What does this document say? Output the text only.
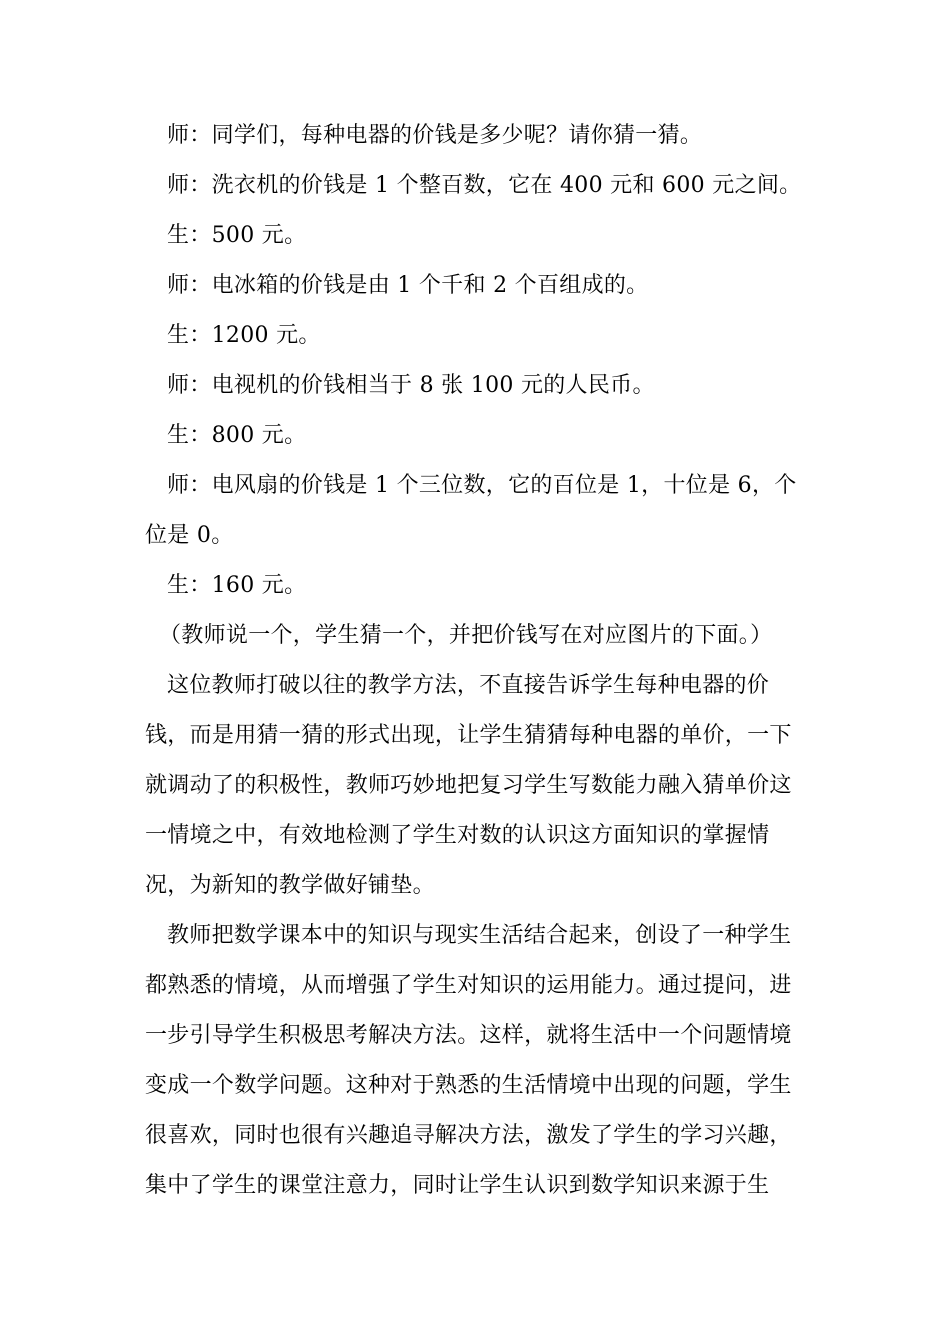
师：同学们，每种电器的价钱是多少呢？请你猜一猜。
师：洗衣机的价钱是 1 个整百数，它在 400 元和 600 元之间。
生：500 元。
师：电冰箱的价钱是由 1 个千和 2 个百组成的。
生：1200 元。
师：电视机的价钱相当于 8 张 100 元的人民币。
生：800 元。
师：电风扇的价钱是 1 个三位数，它的百位是 1，十位是 6，个
位是 0。
生：160 元。
（教师说一个，学生猜一个，并把价钱写在对应图片的下面。）
这位教师打破以往的教学方法，不直接告诉学生每种电器的价
钱，而是用猜一猜的形式出现，让学生猜猜每种电器的单价，一下
就调动了的积极性，教师巧妙地把复习学生写数能力融入猜单价这
一情境之中，有效地检测了学生对数的认识这方面知识的掌握情
况，为新知的教学做好铺垫。
教师把数学课本中的知识与现实生活结合起来，创设了一种学生
都熟悉的情境，从而增强了学生对知识的运用能力。通过提问，进
一步引导学生积极思考解决方法。这样，就将生活中一个问题情境
变成一个数学问题。这种对于熟悉的生活情境中出现的问题，学生
很喜欢，同时也很有兴趣追寻解决方法，激发了学生的学习兴趣，
集中了学生的课堂注意力，同时让学生认识到数学知识来源于生
